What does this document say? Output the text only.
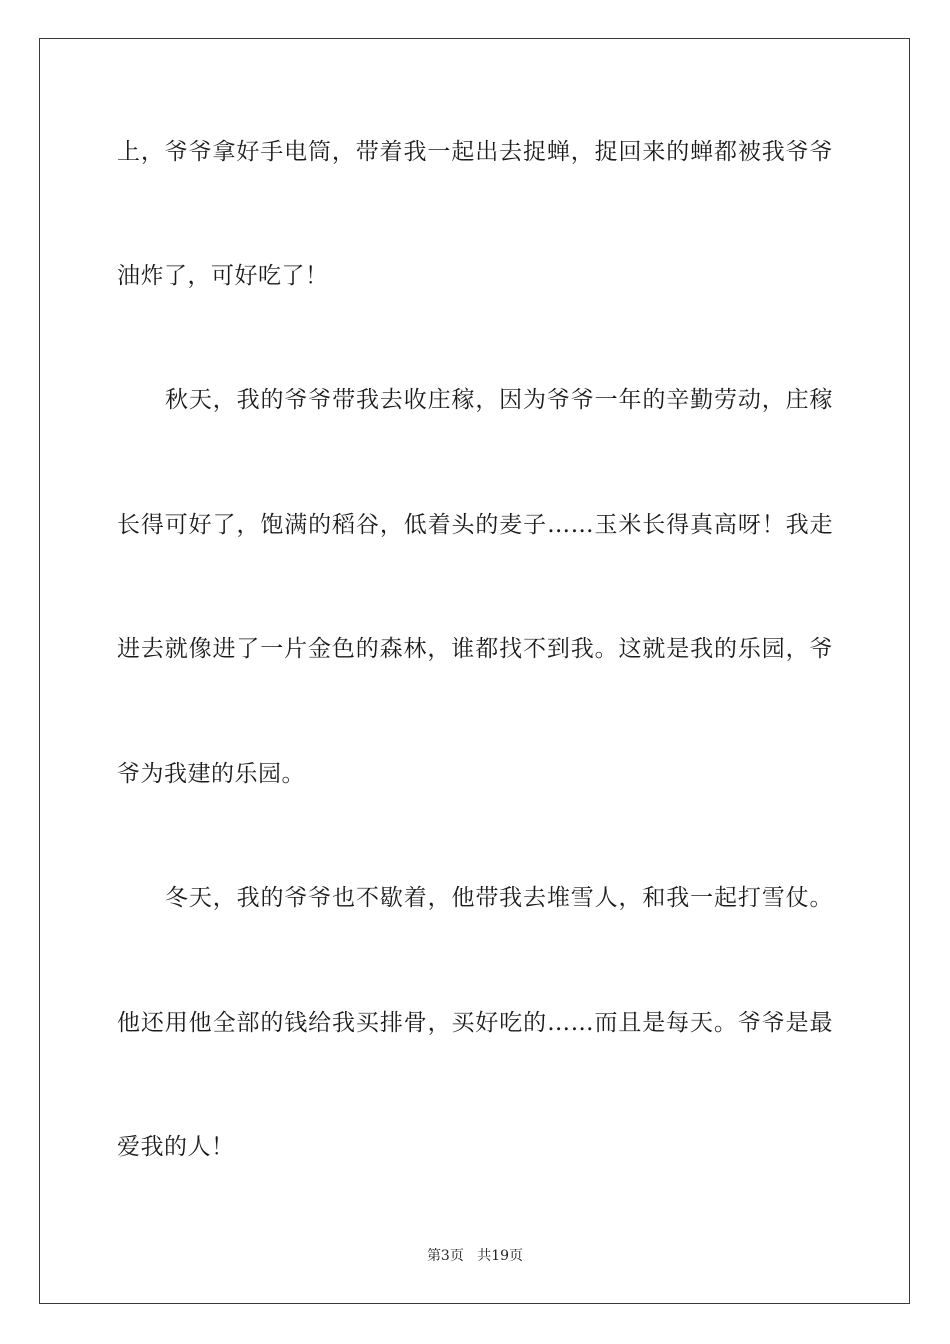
上，爷爷拿好手电筒，带着我一起出去捉蝉，捉回来的蝉都被我爷爷
油炸了，可好吃了！
秋天，我的爷爷带我去收庄稼，因为爷爷一年的辛勤劳动，庄稼
长得可好了，饱满的稻谷，低着头的麦子……玉米长得真高呀！我走
进去就像进了一片金色的森林，谁都找不到我。这就是我的乐园，爷
爷为我建的乐园。
冬天，我的爷爷也不歇着，他带我去堆雪人，和我一起打雪仗。
他还用他全部的钱给我买排骨，买好吃的……而且是每天。爷爷是最
爱我的人！
第3页 共19页
